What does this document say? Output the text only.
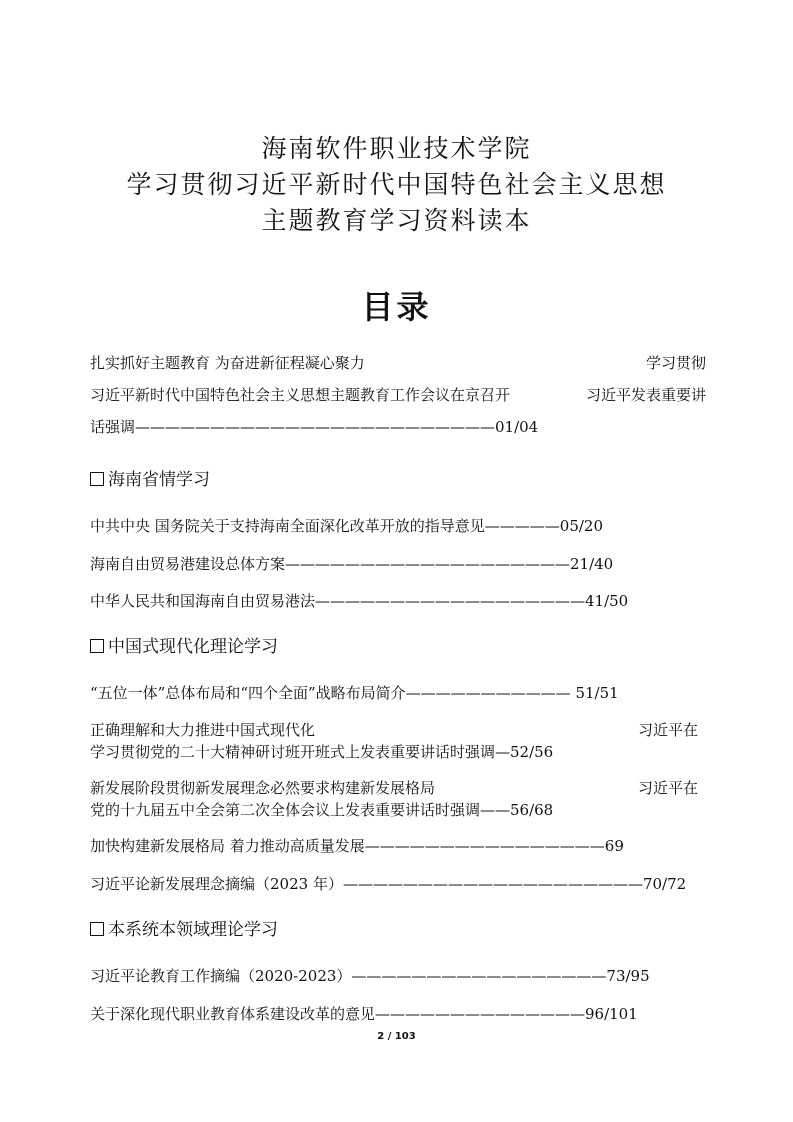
海南软件职业技术学院
学习贯彻习近平新时代中国特色社会主义思想
主题教育学习资料读本
目录
扎实抓好主题教育 为奋进新征程凝心聚力	学习贯彻
习近平新时代中国特色社会主义思想主题教育工作会议在京召开	习近平发表重要讲
话强调————————————————————————01/04
海南省情学习
中共中央 国务院关于支持海南全面深化改革开放的指导意见—————05/20
海南自由贸易港建设总体方案———————————————————21/40
中华人民共和国海南自由贸易港法——————————————————41/50
中国式现代化理论学习
“五位一体”总体布局和“四个全面”战略布局简介——————————— 51/51
正确理解和大力推进中国式现代化	习近平在
学习贯彻党的二十大精神研讨班开班式上发表重要讲话时强调—52/56
新发展阶段贯彻新发展理念必然要求构建新发展格局	习近平在
党的十九届五中全会第二次全体会议上发表重要讲话时强调——56/68
加快构建新发展格局 着力推动高质量发展————————————————69
习近平论新发展理念摘编（2023 年）————————————————————70/72
本系统本领域理论学习
习近平论教育工作摘编（2020-2023）—————————————————73/95
关于深化现代职业教育体系建设改革的意见——————————————96/101
2 / 103
